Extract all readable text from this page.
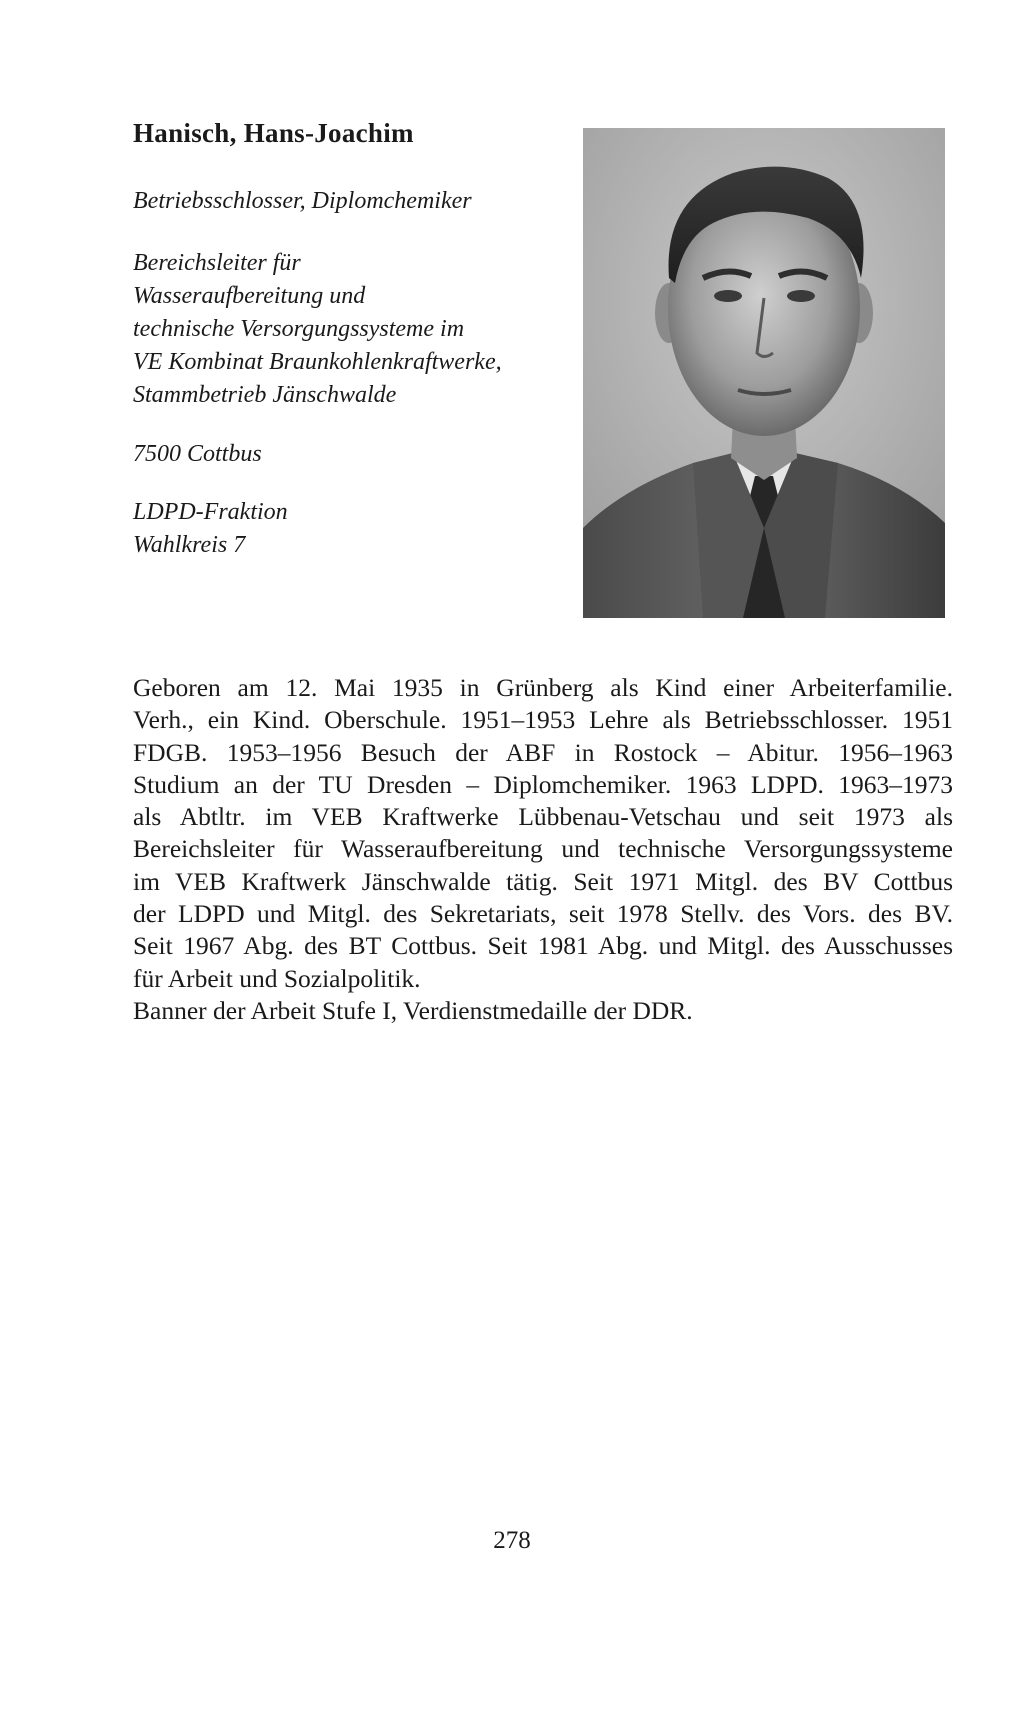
Hanisch, Hans-Joachim

Betriebsschlosser, Diplomchemiker

Bereichsleiter für

Wasseraufbereitung und

technische Versorgungssysteme im

VE Kombinat Braunkohlenkraftwerke,

Stammbetrieb Jänschwalde

7500 Cottbus

LDPD-Fraktion

Wahlkreis 7

Geboren am 12. Mai 1935 in Grünberg als Kind einer Arbeiterfamilie.
Verh., ein Kind. Oberschule. 1951–1953 Lehre als Betriebsschlosser. 1951
FDGB. 1953–1956 Besuch der ABF in Rostock – Abitur. 1956–1963
Studium an der TU Dresden – Diplomchemiker. 1963 LDPD. 1963–1973
als Abtltr. im VEB Kraftwerke Lübbenau-Vetschau und seit 1973 als
Bereichsleiter für Wasseraufbereitung und technische Versorgungssysteme
im VEB Kraftwerk Jänschwalde tätig. Seit 1971 Mitgl. des BV Cottbus
der LDPD und Mitgl. des Sekretariats, seit 1978 Stellv. des Vors. des BV.
Seit 1967 Abg. des BT Cottbus. Seit 1981 Abg. und Mitgl. des Ausschusses
für Arbeit und Sozialpolitik.
Banner der Arbeit Stufe I, Verdienstmedaille der DDR.

278
